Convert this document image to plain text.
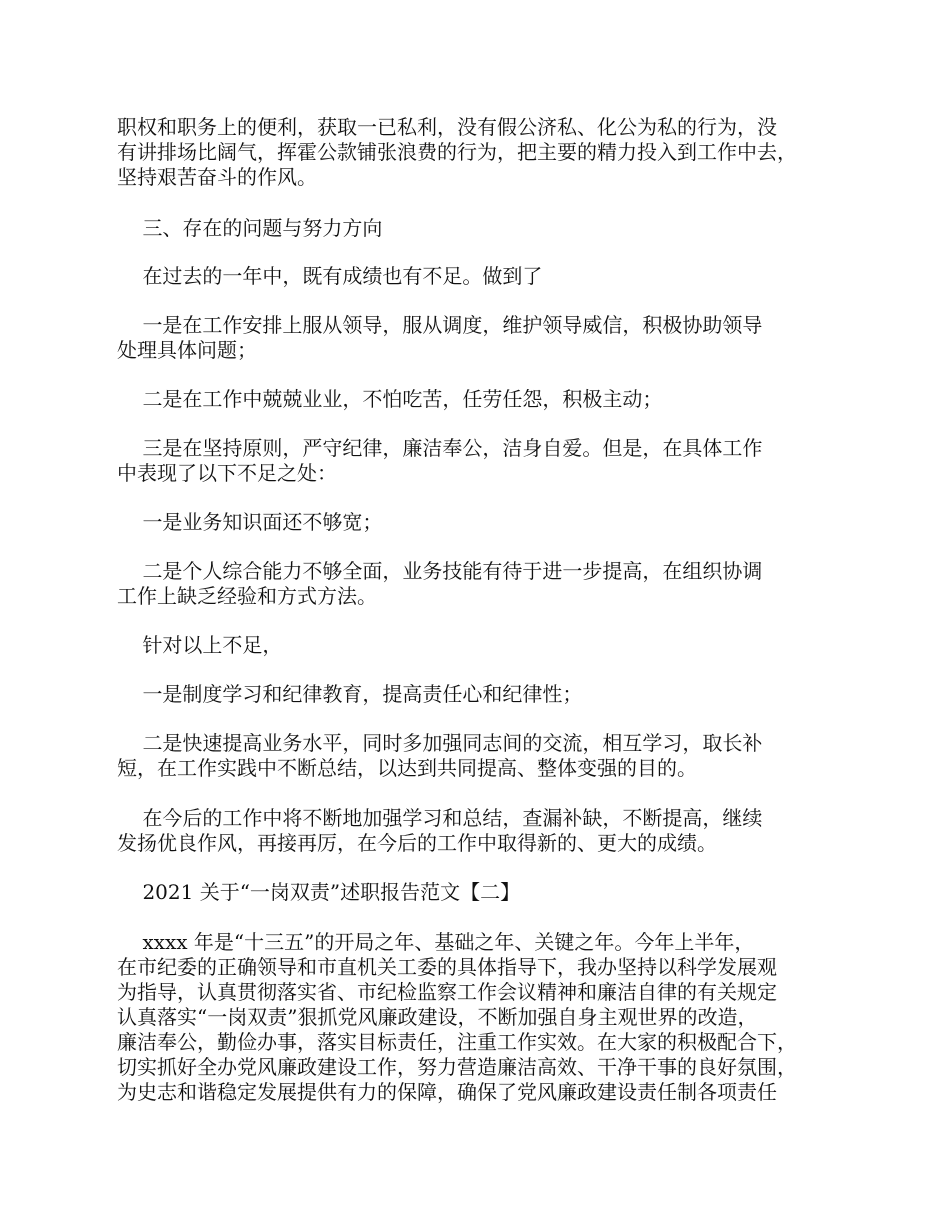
职权和职务上的便利，获取一已私利，没有假公济私、化公为私的行为，没
有讲排场比阔气，挥霍公款铺张浪费的行为，把主要的精力投入到工作中去，
坚持艰苦奋斗的作风。

三、存在的问题与努力方向

在过去的一年中，既有成绩也有不足。做到了

一是在工作安排上服从领导，服从调度，维护领导威信，积极协助领导
处理具体问题；

二是在工作中兢兢业业，不怕吃苦，任劳任怨，积极主动；

三是在坚持原则，严守纪律，廉洁奉公，洁身自爱。但是，在具体工作
中表现了以下不足之处：

一是业务知识面还不够宽；

二是个人综合能力不够全面，业务技能有待于进一步提高，在组织协调
工作上缺乏经验和方式方法。

针对以上不足，

一是制度学习和纪律教育，提高责任心和纪律性；

二是快速提高业务水平，同时多加强同志间的交流，相互学习，取长补
短，在工作实践中不断总结，以达到共同提高、整体变强的目的。

在今后的工作中将不断地加强学习和总结，查漏补缺，不断提高，继续
发扬优良作风，再接再厉，在今后的工作中取得新的、更大的成绩。

2021 关于“一岗双责”述职报告范文【二】

xxxx 年是“十三五”的开局之年、基础之年、关键之年。今年上半年，
在市纪委的正确领导和市直机关工委的具体指导下，我办坚持以科学发展观
为指导，认真贯彻落实省、市纪检监察工作会议精神和廉洁自律的有关规定
认真落实“一岗双责”狠抓党风廉政建设，不断加强自身主观世界的改造，
廉洁奉公，勤俭办事，落实目标责任，注重工作实效。在大家的积极配合下，
切实抓好全办党风廉政建设工作，努力营造廉洁高效、干净干事的良好氛围，
为史志和谐稳定发展提供有力的保障，确保了党风廉政建设责任制各项责任
